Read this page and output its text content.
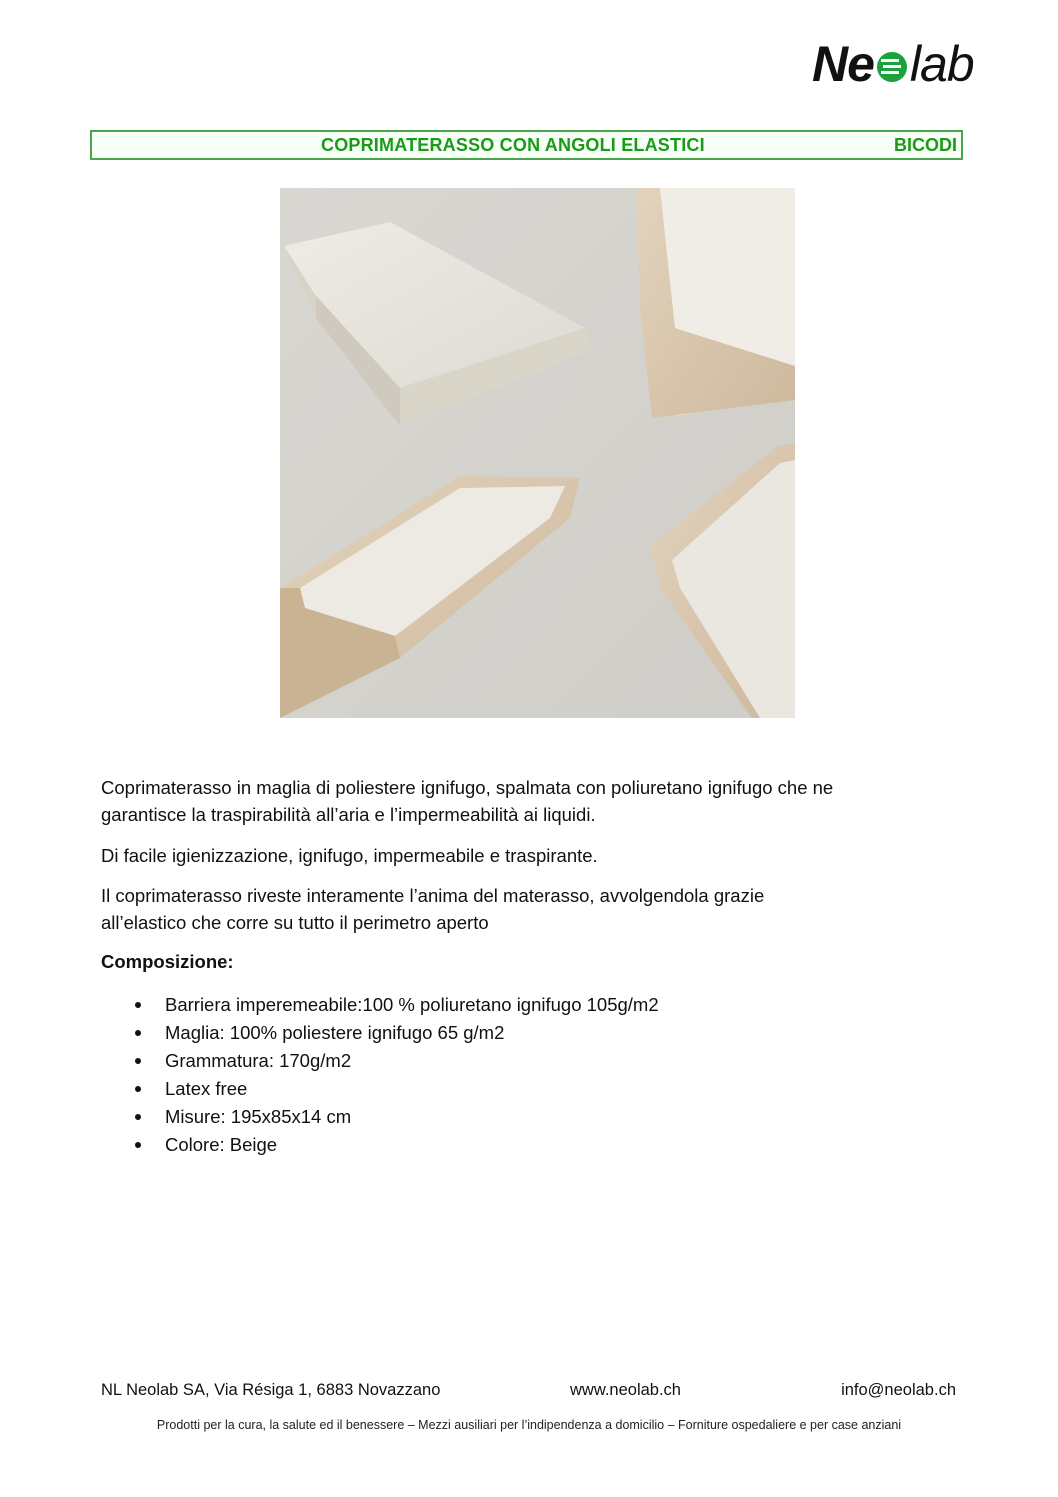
Ne lab
COPRIMATERASSO CON ANGOLI ELASTICI	BICODI
Coprimaterasso in maglia di poliestere ignifugo, spalmata con poliuretano ignifugo che ne
garantisce la traspirabilità all’aria e l’impermeabilità ai liquidi.
Di facile igienizzazione, ignifugo, impermeabile e traspirante.
Il coprimaterasso riveste interamente l’anima del materasso, avvolgendola grazie
all’elastico che corre su tutto il perimetro aperto
Composizione:
Barriera imperemeabile:100 % poliuretano ignifugo 105g/m2
Maglia: 100% poliestere ignifugo 65 g/m2
Grammatura: 170g/m2
Latex free
Misure: 195x85x14 cm
Colore: Beige
NL Neolab SA, Via Résiga 1, 6883 Novazzano	www.neolab.ch	info@neolab.ch
Prodotti per la cura, la salute ed il benessere – Mezzi ausiliari per l’indipendenza a domicilio – Forniture ospedaliere e per case anziani
